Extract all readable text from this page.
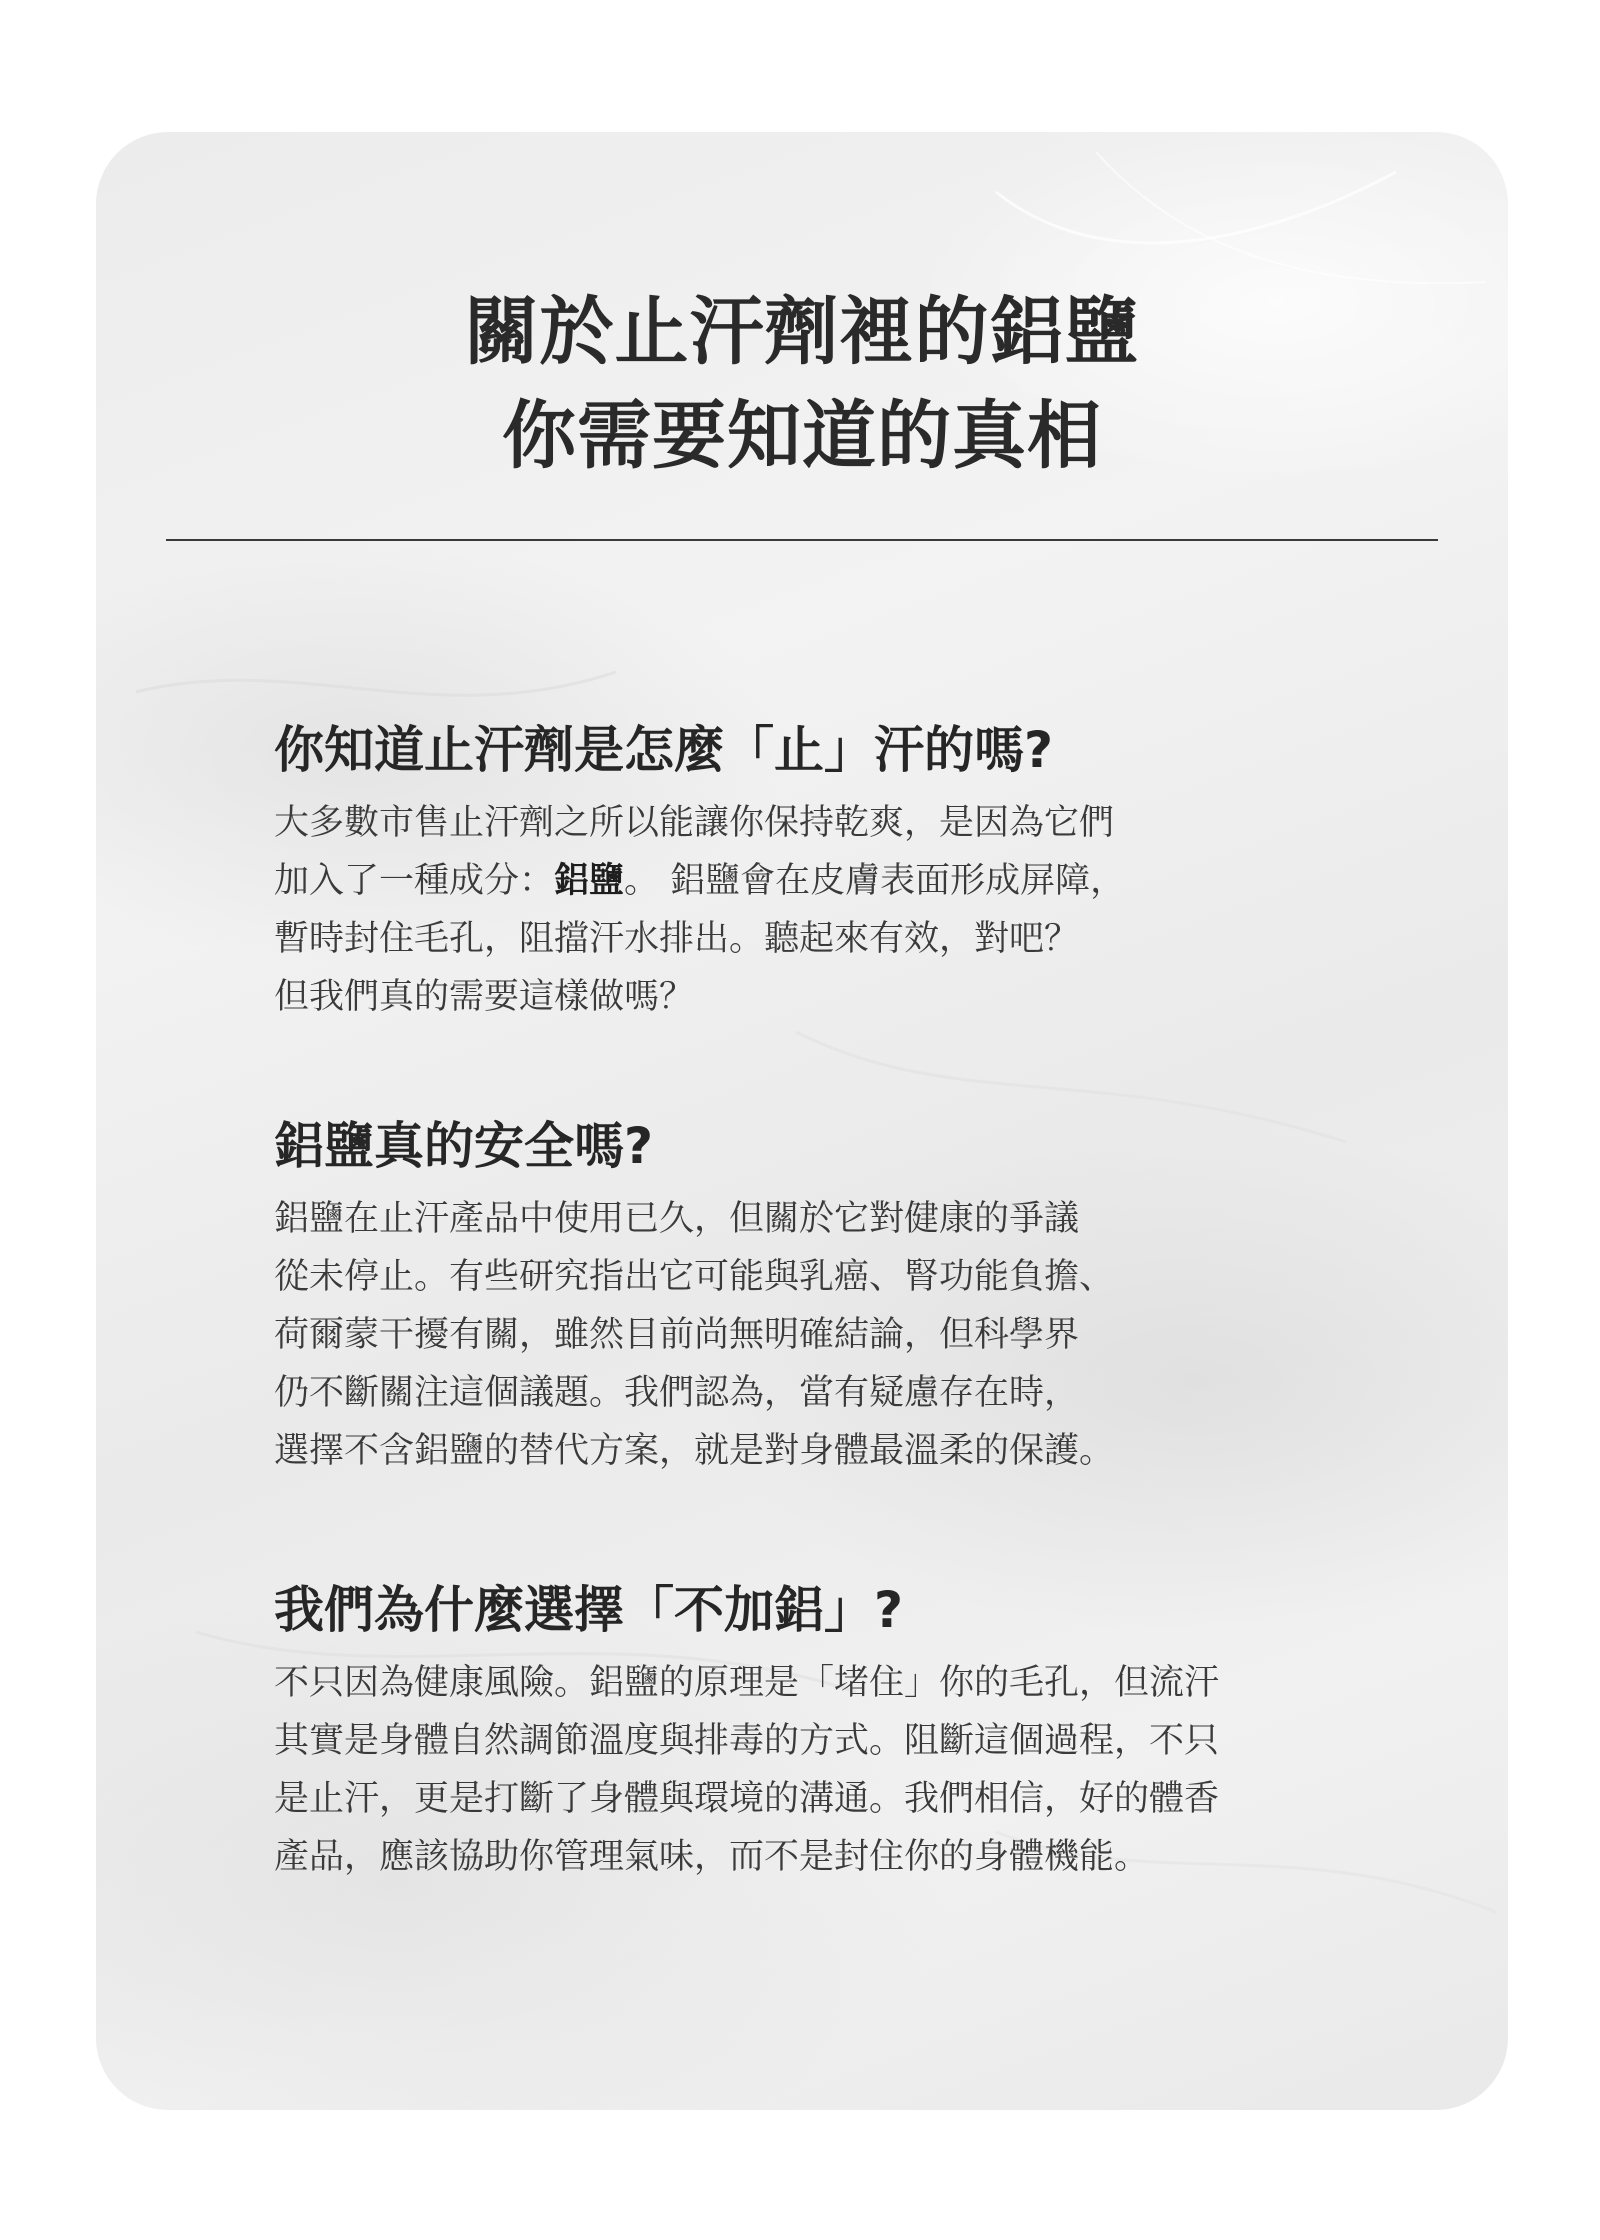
關於止汗劑裡的鋁鹽
你需要知道的真相
你知道止汗劑是怎麼「止」汗的嗎?

大多數市售止汗劑之所以能讓你保持乾爽，是因為它們
加入了一種成分：鋁鹽。 鋁鹽會在皮膚表面形成屏障，
暫時封住毛孔，阻擋汗水排出。聽起來有效，對吧？
但我們真的需要這樣做嗎？

鋁鹽真的安全嗎?

鋁鹽在止汗產品中使用已久，但關於它對健康的爭議
從未停止。有些研究指出它可能與乳癌、腎功能負擔、
荷爾蒙干擾有關，雖然目前尚無明確結論，但科學界
仍不斷關注這個議題。我們認為，當有疑慮存在時，
選擇不含鋁鹽的替代方案，就是對身體最溫柔的保護。

我們為什麼選擇「不加鋁」?

不只因為健康風險。鋁鹽的原理是「堵住」你的毛孔，但流汗
其實是身體自然調節溫度與排毒的方式。阻斷這個過程，不只
是止汗，更是打斷了身體與環境的溝通。我們相信，好的體香
產品，應該協助你管理氣味，而不是封住你的身體機能。
